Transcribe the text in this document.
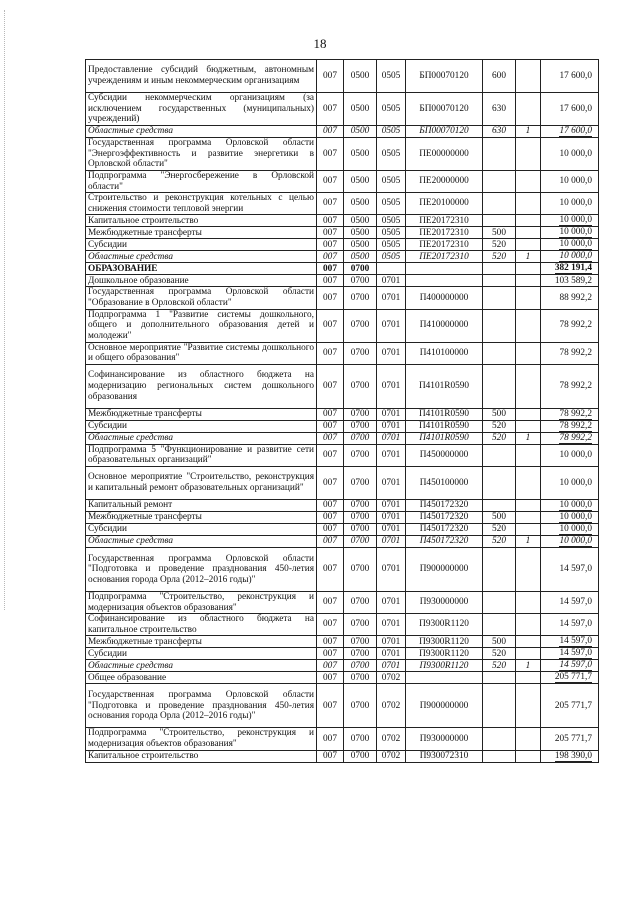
18
Предоставление субсидий бюджетным, автономным учреждениям и иным некоммерческим организациям	007	0500	0505	БП00070120	600		17 600,0
Субсидии некоммерческим организациям (за исключением государственных (муниципальных) учреждений)	007	0500	0505	БП00070120	630		17 600,0
Областные средства	007	0500	0505	БП00070120	630	1	17 600,0
Государственная программа Орловской области "Энергоэффективность и развитие энергетики в Орловской области"	007	0500	0505	ПЕ00000000			10 000,0
Подпрограмма "Энергосбережение в Орловской области"	007	0500	0505	ПЕ20000000			10 000,0
Строительство и реконструкция котельных с целью снижения стоимости тепловой энергии	007	0500	0505	ПЕ20100000			10 000,0
Капитальное строительство	007	0500	0505	ПЕ20172310			10 000,0
Межбюджетные трансферты	007	0500	0505	ПЕ20172310	500		10 000,0
Субсидии	007	0500	0505	ПЕ20172310	520		10 000,0
Областные средства	007	0500	0505	ПЕ20172310	520	1	10 000,0
ОБРАЗОВАНИЕ	007	0700					382 191,4
Дошкольное образование	007	0700	0701				103 589,2
Государственная программа Орловской области "Образование в Орловской области"	007	0700	0701	П400000000			88 992,2
Подпрограмма 1 "Развитие системы дошкольного, общего и дополнительного образования детей и молодежи"	007	0700	0701	П410000000			78 992,2
Основное мероприятие "Развитие системы дошкольного и общего образования"	007	0700	0701	П410100000			78 992,2
Софинансирование из областного бюджета на модернизацию региональных систем дошкольного образования	007	0700	0701	П4101R0590			78 992,2
Межбюджетные трансферты	007	0700	0701	П4101R0590	500		78 992,2
Субсидии	007	0700	0701	П4101R0590	520		78 992,2
Областные средства	007	0700	0701	П4101R0590	520	1	78 992,2
Подпрограмма 5 "Функционирование и развитие сети образовательных организаций"	007	0700	0701	П450000000			10 000,0
Основное мероприятие "Строительство, реконструкция и капитальный ремонт образовательных организаций"	007	0700	0701	П450100000			10 000,0
Капитальный ремонт	007	0700	0701	П450172320			10 000,0
Межбюджетные трансферты	007	0700	0701	П450172320	500		10 000,0
Субсидии	007	0700	0701	П450172320	520		10 000,0
Областные средства	007	0700	0701	П450172320	520	1	10 000,0
Государственная программа Орловской области "Подготовка и проведение празднования 450-летия основания города Орла (2012–2016 годы)"	007	0700	0701	П900000000			14 597,0
Подпрограмма "Строительство, реконструкция и модернизация объектов образования"	007	0700	0701	П930000000			14 597,0
Софинансирование из областного бюджета на капитальное строительство	007	0700	0701	П9300R1120			14 597,0
Межбюджетные трансферты	007	0700	0701	П9300R1120	500		14 597,0
Субсидии	007	0700	0701	П9300R1120	520		14 597,0
Областные средства	007	0700	0701	П9300R1120	520	1	14 597,0
Общее образование	007	0700	0702				205 771,7
Государственная программа Орловской области "Подготовка и проведение празднования 450-летия основания города Орла (2012–2016 годы)"	007	0700	0702	П900000000			205 771,7
Подпрограмма "Строительство, реконструкция и модернизация объектов образования"	007	0700	0702	П930000000			205 771,7
Капитальное строительство	007	0700	0702	П930072310			198 390,0
